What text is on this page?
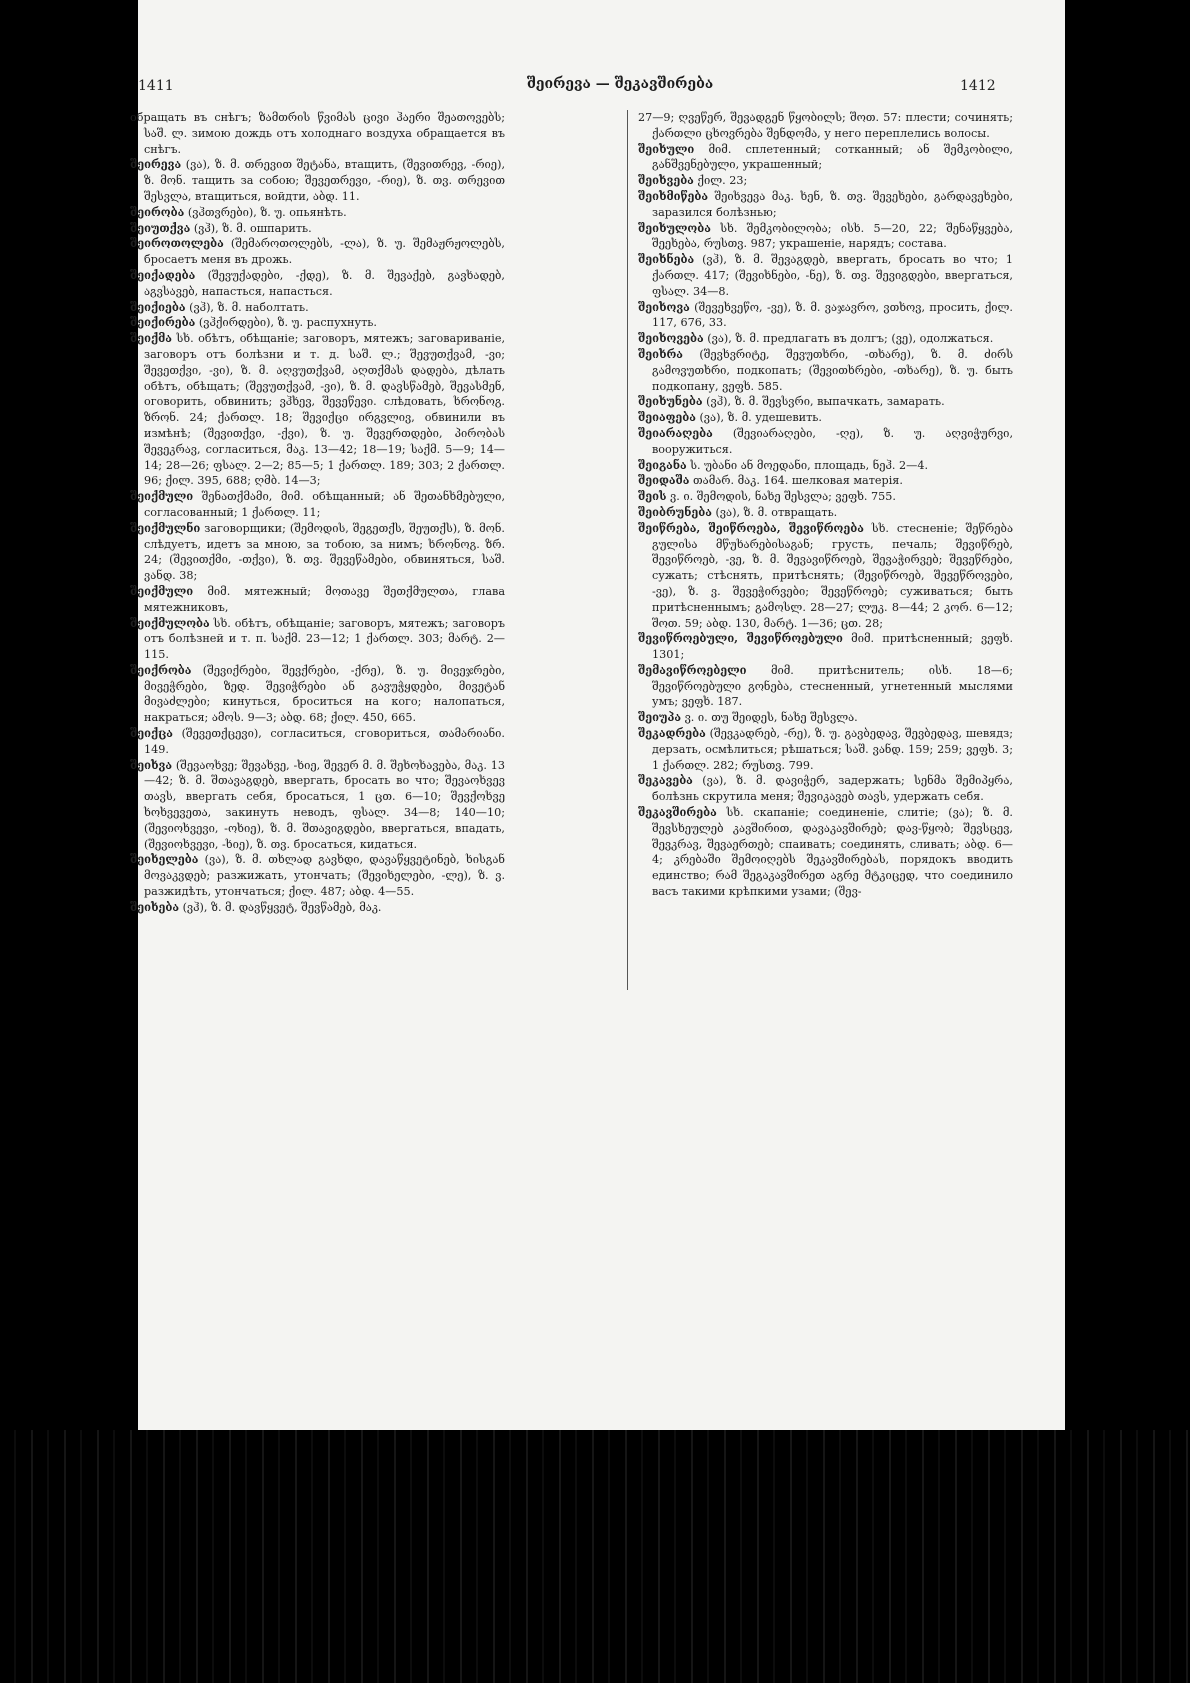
1411	შეირევა — შეკავშირება	1412

обращать въ снѣгъ; ზამთრის წვიმას ცივი ჰაერი შეათოვებს; საშ. ლ. зимою дождь отъ холоднаго воздуха обращается въ снѣгъ.

შეირევა (ვა), ზ. მ. თრევით შეტანა, втащить, (შევითრევ, -რიე), ზ. მონ. тащить за собою; შევეთრევი, -რიე), ზ. თვ. თრევით შესვლა, втащиться, войдти, აბდ. 11.

შეირობა (ვჰთვრები), ზ. უ. опьянѣть.

შეიუთქვა (ვჰ), ზ. მ. ошпарить.

შეიროთოლება (შემაროთოლებს, -ლა), ზ. უ. შემაჟრჟოლებს, бросаетъ меня въ дрожь.

შეიქადება (შევუქადები, -ქდე), ზ. მ. შევაქებ, გავხადებ, აგვსავებ, напасться, напасться.

შეიქიება (ვჰ), ზ. მ. наболтать.

შეიქირება (ვჰქირდები), ზ. უ. распухнуть.

შეიქმა სხ. обѣтъ, обѣщаніе; заговоръ, мятежъ; заговариваніе, заговоръ отъ болѣзни и т. д. საშ. ლ.; შევუთქვამ, -ვი; შევეთქვი, -ვი), ზ. მ. აღვუთქვამ, აღთქმას დადება, дѣлать обѣтъ, обѣщать; (შევუთქვამ, -ვი), ზ. მ. დავსწამებ, შევასმენ, оговорить, обвинить; ვჰხევ, შევეწევი. слѣдовать, ხრონოგ. ზრონ. 24; ქართლ. 18; შევიქცი ირგვლივ, обвинили въ измѣнѣ; (შევითქვი, -ქვი), ზ. უ. შევერთდები, პირობას შევეკრავ, согласиться, მაკ. 13—42; 18—19; საქმ. 5—9; 14—14; 28—26; ფსალ. 2—2; 85—5; 1 ქართლ. 189; 303; 2 ქართლ. 96; ქილ. 395, 688; ღმბ. 14—3;

შეიქმული შენათქმამი, მიმ. обѣщанный; ან შეთანხმებული, согласованный; 1 ქართლ. 11;

შეიქმულნი заговорщики; (შემოდის, შეგეთქს, შეუთქს), ზ. მონ. слѣдуетъ, идетъ за мною, за тобою, за нимъ; ხრონოგ. ზრ. 24; (შევითქმი, -თქვი), ზ. თვ. შევეწამები, обвиняться, საშ. ვანდ. 38;

შეიქმული მიმ. мятежный; მოთავე შეთქმულთა, глава мятежниковъ,

შეიქმულობა სხ. обѣтъ, обѣщаніе; заговоръ, мятежъ; заговоръ отъ болѣзней и т. п. საქმ. 23—12; 1 ქართლ. 303; მარტ. 2—115.

შეიქრობა (შევიქრები, შევქრები, -ქრე), ზ. უ. მივეჯრები, მივეჭრები, ზედ. შევიჭრები ან გავუჭყდები, მივეტან მივაძლები; кинуться, броситься на кого; налопаться, накраться; ამოს. 9—3; აბდ. 68; ქილ. 450, 665.

შეიქცა (შევეთქცევი), согласиться, сговориться, თამარიანი. 149.

შეიხვა (შევაოხვე; შევახვე, -ხიე, შევერ მ. მ. შეხოხავება, მაკ. 13—42; ზ. მ. შთავაგდებ, ввергать, бросать во что; შევაოხვევ თავს, ввергать себя, бросаться, 1 ცთ. 6—10; შევქოხვე ხოხვევეთა, закинуть неводъ, ფსალ. 34—8; 140—10; (შევიოხვევი, -ოხიე), ზ. მ. შთავიგდები, ввергаться, впадать, (შევიოხვევი, -ხიე), ზ. თვ. бросаться, кидаться.

შეიხელება (ვა), ზ. მ. თხლად გავხდი, დავაწყვეტინებ, ხისგან მოვაკვდებ; разжижать, утончать; (შევიხელები, -ლე), ზ. ვ. разжидѣть, утончаться; ქილ. 487; აბდ. 4—55.

შეიხება (ვჰ), ზ. მ. დავწყვეტ, შევწამებ, მაკ.

27—9; ღვეწერ, შევადგენ წყობილს; შოთ. 57: плести; сочинять; ქართლი ცხოვრება შენდომა, у него переплелись волосы.

შეიხული მიმ. сплетенный; сотканный; ან შემკობილი, განშვენებული, украшенный;

შეიხვება ქილ. 23;

შეიხმიწება შეიხვევა მაკ. ხენ, ზ. თვ. შევეხები, გარდავეხები, заразился болѣзнью;

შეიხულობა სხ. შემკობილობა; ისხ. 5—20, 22; შენაწყვება, შეეხება, რუსთვ. 987; украшеніе, нарядъ; состава.

შეიხნება (ვჰ), ზ. მ. შევაგდებ, ввергать, бросать во что; 1 ქართლ. 417; (შევიხნები, -ნე), ზ. თვ. შევიგდები, ввергаться, ფსალ. 34—8.

შეიხოვა (შევეხვეწო, -ვე), ზ. მ. ვაჯავრო, ვთხოვ, просить, ქილ. 117, 676, 33.

შეიხოვება (ვა), ზ. მ. предлагать въ долгъ; (ვე), одолжаться.

შეიხრა (შევხვრიტე, შევუთხრი, -თხარე), ზ. მ. ძირს გამოვუთხრი, подкопать; (შევითხრები, -თხარე), ზ. უ. быть подкопану, ვეფხ. 585.

შეიხუნება (ვჰ), ზ. მ. შევსვრი, выпачкать, замарать.

შეიაფება (ვა), ზ. მ. удешевить.

შეიარაღება (შევიარაღები, -ღე), ზ. უ. აღვიჭურვი, вооружиться.

შეიგანა ს. უბანი ან მოედანი, площадь, ნეჰ. 2—4.

შეიდაშა თამარ. მაკ. 164. шелковая матерія.

შეის ვ. ი. შემოდის, ნახე შესვლა; ვეფხ. 755.

შეიბრუნება (ვა), ზ. მ. отвращать.

შეიწრება, შეიწროება, შევიწროება სხ. стесненіе; შეწრება გულისა მწუხარებისაგან; грусть, печаль; შევიწრებ, შევიწროებ, -ვე, ზ. მ. შევავიწროებ, შევაჭირვებ; შევეწრები, сужать; стѣснять, притѣснять; (შევიწროებ, შევეწროვები, -ვე), ზ. ვ. შევეჭირვები; შევეწროებ; суживаться; быть притѣсненнымъ; გამოსლ. 28—27; ლუკ. 8—44; 2 კორ. 6—12; შოთ. 59; აბდ. 130, მარტ. 1—36; ცთ. 28;

შევიწროებული, შევიწროებული მიმ. притѣсненный; ვეფხ. 1301;

შემავიწროებელი მიმ. притѣснитель; ისხ. 18—6; შევიწროებული გონება, стесненный, угнетенный мыслями умъ; ვეფხ. 187.

შეიუპა ვ. ი. თუ შეიდეს, ნახე შესვლა.

შეკადრება (შევკადრებ, -რე), ზ. უ. გავბედავ, შევბედავ, шевядз; дерзать, осмѣлиться; рѣшаться; საშ. ვანდ. 159; 259; ვეფხ. 3; 1 ქართლ. 282; რუსთვ. 799.

შეკავება (ვა), ზ. მ. დავიჭერ, задержать; სენმა შემიპყრა, болѣзнь скрутила меня; შევიკავებ თავს, удержать себя.

შეკავშირება სხ. скапаніе; соединеніе, слитіе; (ვა); ზ. მ. შევსხეულებ კავშირით, დავაკავშირებ; დავ-წყობ; შევსცევ, შევკრავ, შევაერთებ; спаивать; соединять, сливать; აბდ. 6—4; კრებაში შემოიღებს შეკავშირებას, порядокъ вводить единство; რამ შეგაკავშირეთ აგრე მტკიცედ, что соединило васъ такими крѣпкими узами; (შევ-
